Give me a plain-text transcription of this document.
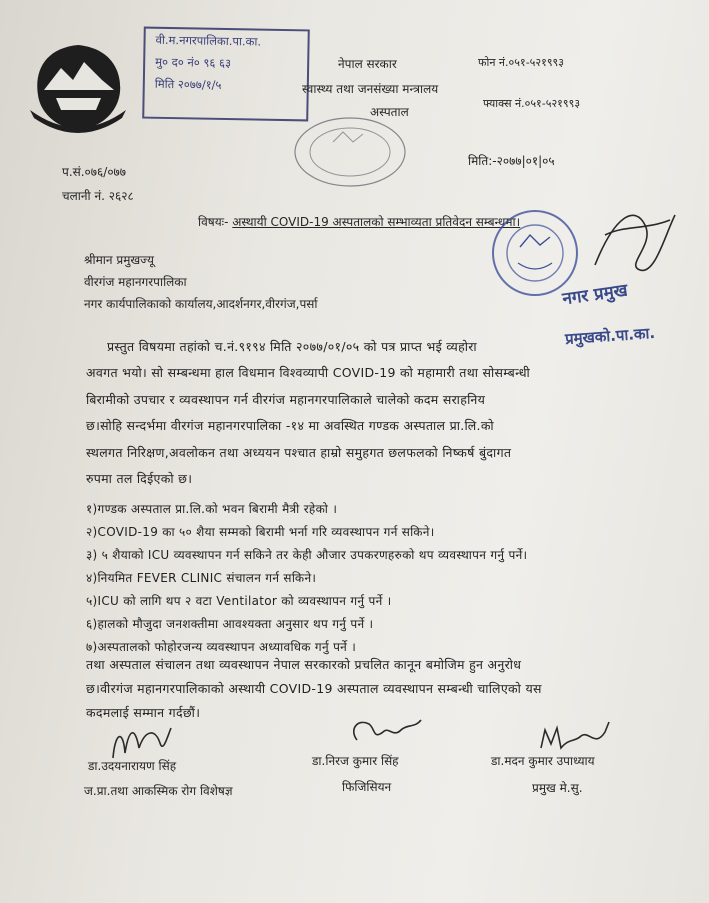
वी.म.नगरपालिका.पा.का.
मु० द० नं० ९६ ६३
मिति २०७७/१/५
नेपाल सरकार
स्वास्थ्य तथा जनसंख्या मन्त्रालय
अस्पताल
फोन नं.०५१-५२१९९३
फ्याक्स नं.०५१-५२१९९३
प.सं.०७६/०७७
चलानी नं. २६२८
मिति:-२०७७|०१|०५
विषयः- अस्थायी COVID-19 अस्पतालको सम्भाव्यता प्रतिवेदन सम्बन्धमा।
श्रीमान प्रमुखज्यू
वीरगंज महानगरपालिका
नगर कार्यपालिकाको कार्यालय,आदर्शनगर,वीरगंज,पर्सा	नगर प्रमुख
प्रस्तुत विषयमा तहांको च.नं.९१९४ मिति २०७७/०१/०५ को पत्र प्राप्त भई व्यहोरा
अवगत भयो। सो सम्बन्धमा हाल विधमान विश्वव्यापी COVID-19 को महामारी तथा सोसम्बन्धी
बिरामीको उपचार र व्यवस्थापन गर्न वीरगंज महानगरपालिकाले चालेको कदम सराहनिय
छ।सोहि सन्दर्भमा वीरगंज महानगरपालिका -१४ मा अवस्थित गण्डक अस्पताल प्रा.लि.को
स्थलगत निरिक्षण,अवलोकन तथा अध्ययन पश्चात हाम्रो समुहगत छलफलको निष्कर्ष बुंदागत
रुपमा तल दिईएको छ।
प्रमुखको.पा.का.
१)गण्डक अस्पताल प्रा.लि.को भवन बिरामी मैत्री रहेको ।
२)COVID-19 का ५० शैया सम्मको बिरामी भर्ना गरि व्यवस्थापन गर्न सकिने।
३) ५ शैयाको ICU व्यवस्थापन गर्न सकिने तर केही औजार उपकरणहरुको थप व्यवस्थापन गर्नु पर्ने।
४)नियमित FEVER CLINIC संचालन गर्न सकिने।
५)ICU को लागि थप २ वटा Ventilator को व्यवस्थापन गर्नु पर्ने ।
६)हालको मौजुदा जनशक्तीमा आवश्यक्ता अनुसार थप गर्नु पर्ने ।
७)अस्पतालको फोहोरजन्य व्यवस्थापन अध्यावधिक गर्नु पर्ने ।
तथा अस्पताल संचालन तथा व्यवस्थापन नेपाल सरकारको प्रचलित कानून बमोजिम हुन अनुरोध
छ।वीरगंज महानगरपालिकाको अस्थायी COVID-19 अस्पताल व्यवस्थापन सम्बन्धी चालिएको यस
कदमलाई सम्मान गर्दछौं।
डा.उदयनारायण सिंह
ज.प्रा.तथा आकस्मिक रोग विशेषज्ञ
डा.निरज कुमार सिंह
फिजिसियन
डा.मदन कुमार उपाध्याय
प्रमुख मे.सु.
